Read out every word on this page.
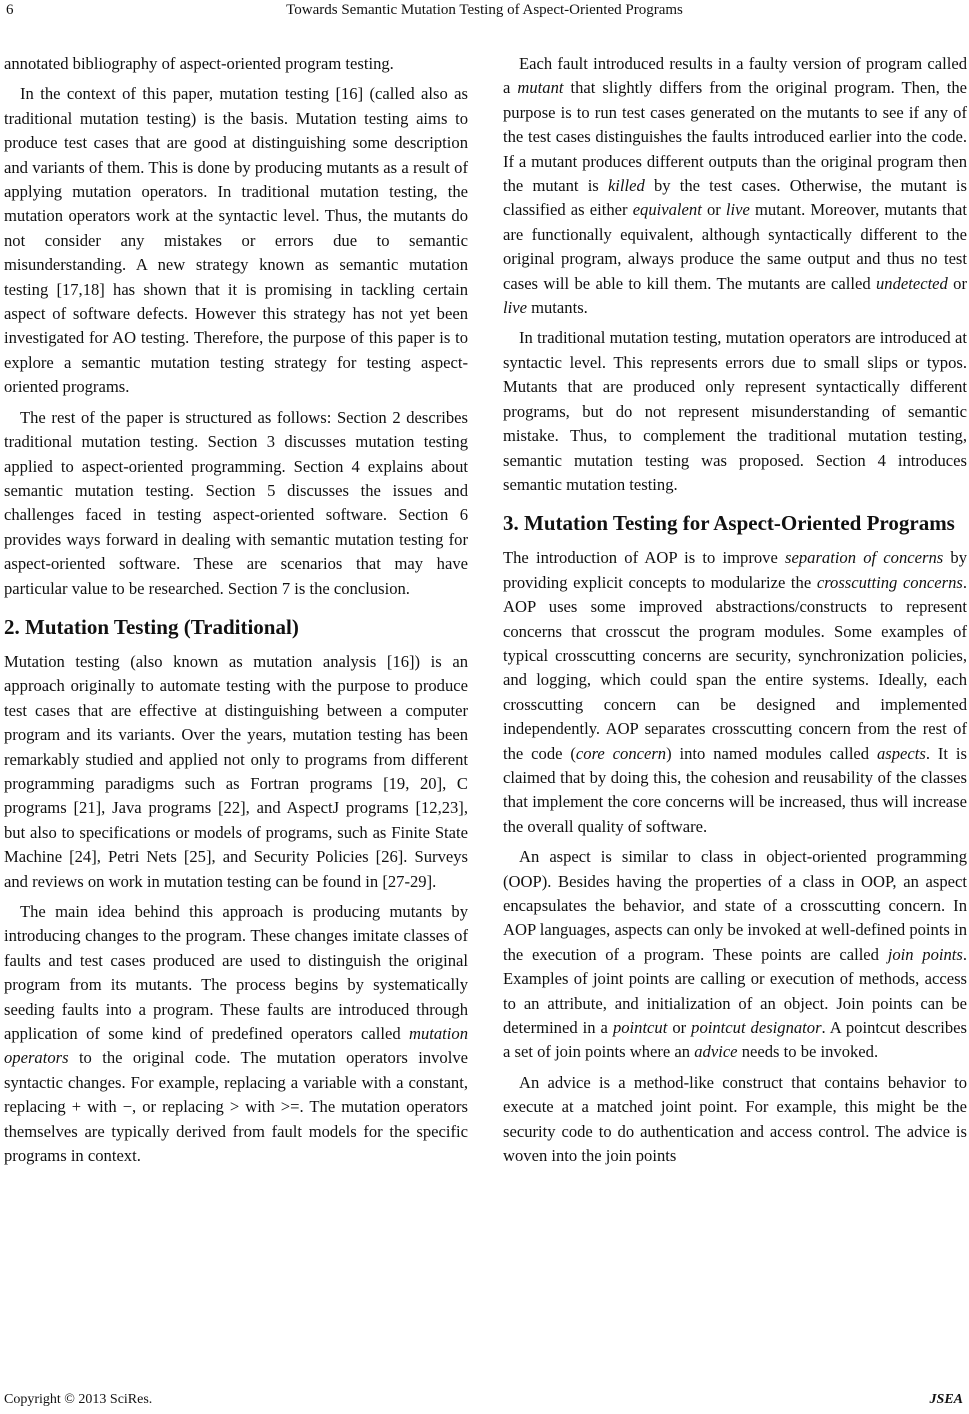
6	Towards Semantic Mutation Testing of Aspect-Oriented Programs

annotated bibliography of aspect-oriented program testing.

In the context of this paper, mutation testing [16] (called also as traditional mutation testing) is the basis. Mutation testing aims to produce test cases that are good at distinguishing some description and variants of them. This is done by producing mutants as a result of applying mutation operators. In traditional mutation testing, the mutation operators work at the syntactic level. Thus, the mutants do not consider any mistakes or errors due to semantic misunderstanding. A new strategy known as semantic mutation testing [17,18] has shown that it is promising in tackling certain aspect of software defects. However this strategy has not yet been investigated for AO testing. Therefore, the purpose of this paper is to explore a semantic mutation testing strategy for testing aspect-oriented programs.

The rest of the paper is structured as follows: Section 2 describes traditional mutation testing. Section 3 discusses mutation testing applied to aspect-oriented programming. Section 4 explains about semantic mutation testing. Section 5 discusses the issues and challenges faced in testing aspect-oriented software. Section 6 provides ways forward in dealing with semantic mutation testing for aspect-oriented software. These are scenarios that may have particular value to be researched. Section 7 is the conclusion.

2. Mutation Testing (Traditional)

Mutation testing (also known as mutation analysis [16]) is an approach originally to automate testing with the purpose to produce test cases that are effective at distinguishing between a computer program and its variants. Over the years, mutation testing has been remarkably studied and applied not only to programs from different programming paradigms such as Fortran programs [19, 20], C programs [21], Java programs [22], and AspectJ programs [12,23], but also to specifications or models of programs, such as Finite State Machine [24], Petri Nets [25], and Security Policies [26]. Surveys and reviews on work in mutation testing can be found in [27-29].

The main idea behind this approach is producing mutants by introducing changes to the program. These changes imitate classes of faults and test cases produced are used to distinguish the original program from its mutants. The process begins by systematically seeding faults into a program. These faults are introduced through application of some kind of predefined operators called mutation operators to the original code. The mutation operators involve syntactic changes. For example, replacing a variable with a constant, replacing + with −, or replacing > with >=. The mutation operators themselves are typically derived from fault models for the specific programs in context.

Each fault introduced results in a faulty version of program called a mutant that slightly differs from the original program. Then, the purpose is to run test cases generated on the mutants to see if any of the test cases distinguishes the faults introduced earlier into the code. If a mutant produces different outputs than the original program then the mutant is killed by the test cases. Otherwise, the mutant is classified as either equivalent or live mutant. Moreover, mutants that are functionally equivalent, although syntactically different to the original program, always produce the same output and thus no test cases will be able to kill them. The mutants are called undetected or live mutants.

In traditional mutation testing, mutation operators are introduced at syntactic level. This represents errors due to small slips or typos. Mutants that are produced only represent syntactically different programs, but do not represent misunderstanding of semantic mistake. Thus, to complement the traditional mutation testing, semantic mutation testing was proposed. Section 4 introduces semantic mutation testing.

3. Mutation Testing for Aspect-Oriented Programs

The introduction of AOP is to improve separation of concerns by providing explicit concepts to modularize the crosscutting concerns. AOP uses some improved abstractions/constructs to represent concerns that crosscut the program modules. Some examples of typical crosscutting concerns are security, synchronization policies, and logging, which could span the entire systems. Ideally, each crosscutting concern can be designed and implemented independently. AOP separates crosscutting concern from the rest of the code (core concern) into named modules called aspects. It is claimed that by doing this, the cohesion and reusability of the classes that implement the core concerns will be increased, thus will increase the overall quality of software.

An aspect is similar to class in object-oriented programming (OOP). Besides having the properties of a class in OOP, an aspect encapsulates the behavior, and state of a crosscutting concern. In AOP languages, aspects can only be invoked at well-defined points in the execution of a program. These points are called join points. Examples of joint points are calling or execution of methods, access to an attribute, and initialization of an object. Join points can be determined in a pointcut or pointcut designator. A pointcut describes a set of join points where an advice needs to be invoked.

An advice is a method-like construct that contains behavior to execute at a matched joint point. For example, this might be the security code to do authentication and access control. The advice is woven into the join points

Copyright © 2013 SciRes.	JSEA
